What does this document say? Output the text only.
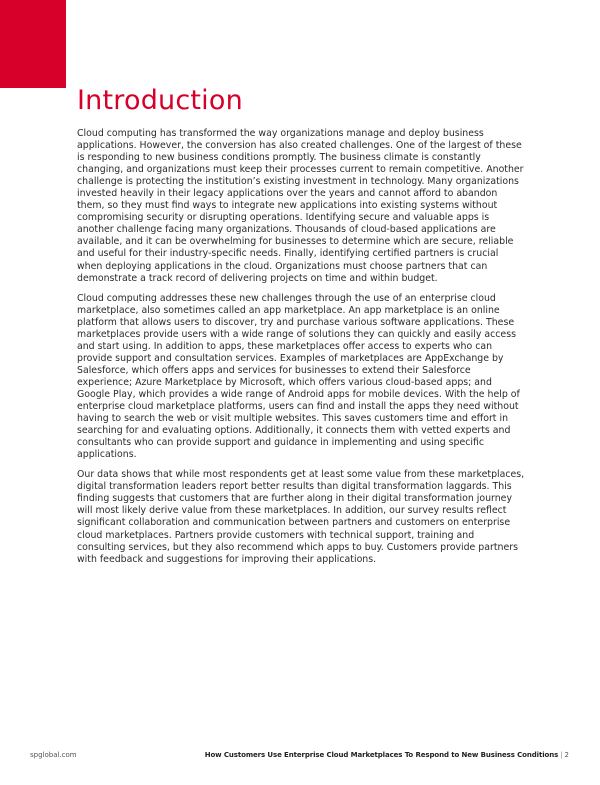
Introduction

Cloud computing has transformed the way organizations manage and deploy business applications. However, the conversion has also created challenges. One of the largest of these is responding to new business conditions promptly. The business climate is constantly changing, and organizations must keep their processes current to remain competitive. Another challenge is protecting the institution’s existing investment in technology. Many organizations invested heavily in their legacy applications over the years and cannot afford to abandon them, so they must find ways to integrate new applications into existing systems without compromising security or disrupting operations. Identifying secure and valuable apps is another challenge facing many organizations. Thousands of cloud-based applications are available, and it can be overwhelming for businesses to determine which are secure, reliable and useful for their industry-specific needs. Finally, identifying certified partners is crucial when deploying applications in the cloud. Organizations must choose partners that can demonstrate a track record of delivering projects on time and within budget.

Cloud computing addresses these new challenges through the use of an enterprise cloud marketplace, also sometimes called an app marketplace. An app marketplace is an online platform that allows users to discover, try and purchase various software applications. These marketplaces provide users with a wide range of solutions they can quickly and easily access and start using. In addition to apps, these marketplaces offer access to experts who can provide support and consultation services. Examples of marketplaces are AppExchange by Salesforce, which offers apps and services for businesses to extend their Salesforce experience; Azure Marketplace by Microsoft, which offers various cloud-based apps; and Google Play, which provides a wide range of Android apps for mobile devices. With the help of enterprise cloud marketplace platforms, users can find and install the apps they need without having to search the web or visit multiple websites. This saves customers time and effort in searching for and evaluating options. Additionally, it connects them with vetted experts and consultants who can provide support and guidance in implementing and using specific applications.

Our data shows that while most respondents get at least some value from these marketplaces, digital transformation leaders report better results than digital transformation laggards. This finding suggests that customers that are further along in their digital transformation journey will most likely derive value from these marketplaces. In addition, our survey results reflect significant collaboration and communication between partners and customers on enterprise cloud marketplaces. Partners provide customers with technical support, training and consulting services, but they also recommend which apps to buy. Customers provide partners with feedback and suggestions for improving their applications.

spglobal.com	How Customers Use Enterprise Cloud Marketplaces To Respond to New Business Conditions | 2
